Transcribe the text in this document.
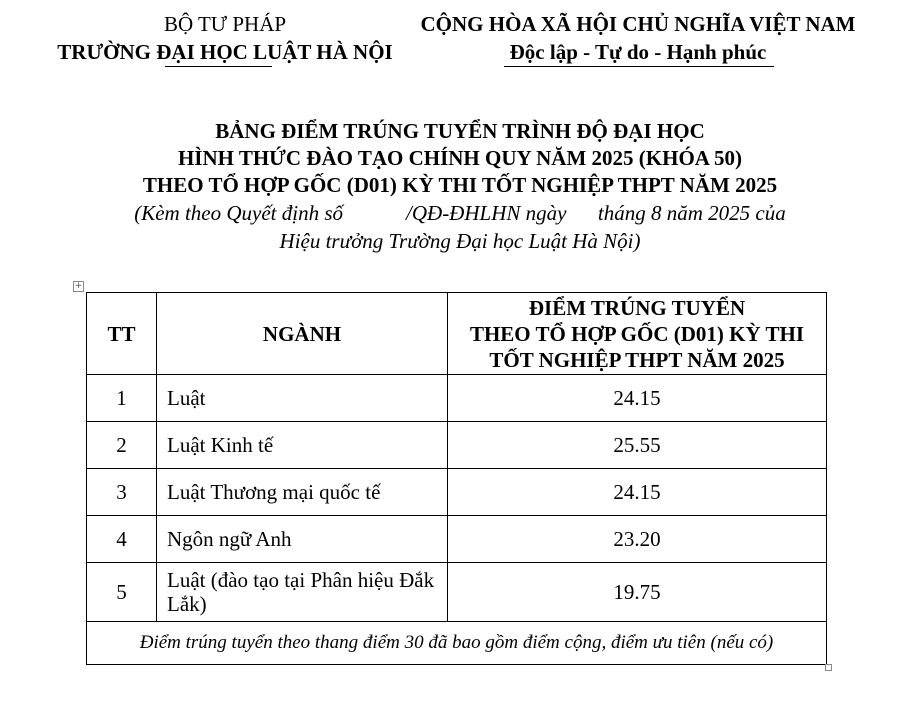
BỘ TƯ PHÁP
TRƯỜNG ĐẠI HỌC LUẬT HÀ NỘI
CỘNG HÒA XÃ HỘI CHỦ NGHĨA VIỆT NAM
Độc lập - Tự do - Hạnh phúc
BẢNG ĐIỂM TRÚNG TUYỂN TRÌNH ĐỘ ĐẠI HỌC
HÌNH THỨC ĐÀO TẠO CHÍNH QUY NĂM 2025 (KHÓA 50)
THEO TỔ HỢP GỐC (D01) KỲ THI TỐT NGHIỆP THPT NĂM 2025
(Kèm theo Quyết định số            /QĐ-ĐHLHN ngày      tháng 8 năm 2025 của
Hiệu trưởng Trường Đại học Luật Hà Nội)
+
TT	NGÀNH	ĐIỂM TRÚNG TUYỂN
THEO TỔ HỢP GỐC (D01) KỲ THI
TỐT NGHIỆP THPT NĂM 2025

1	Luật	24.15
2	Luật Kinh tế	25.55
3	Luật Thương mại quốc tế	24.15
4	Ngôn ngữ Anh	23.20
5	Luật (đào tạo tại Phân hiệu Đắk Lắk)	19.75
Điểm trúng tuyển theo thang điểm 30 đã bao gồm điểm cộng, điểm ưu tiên (nếu có)		
